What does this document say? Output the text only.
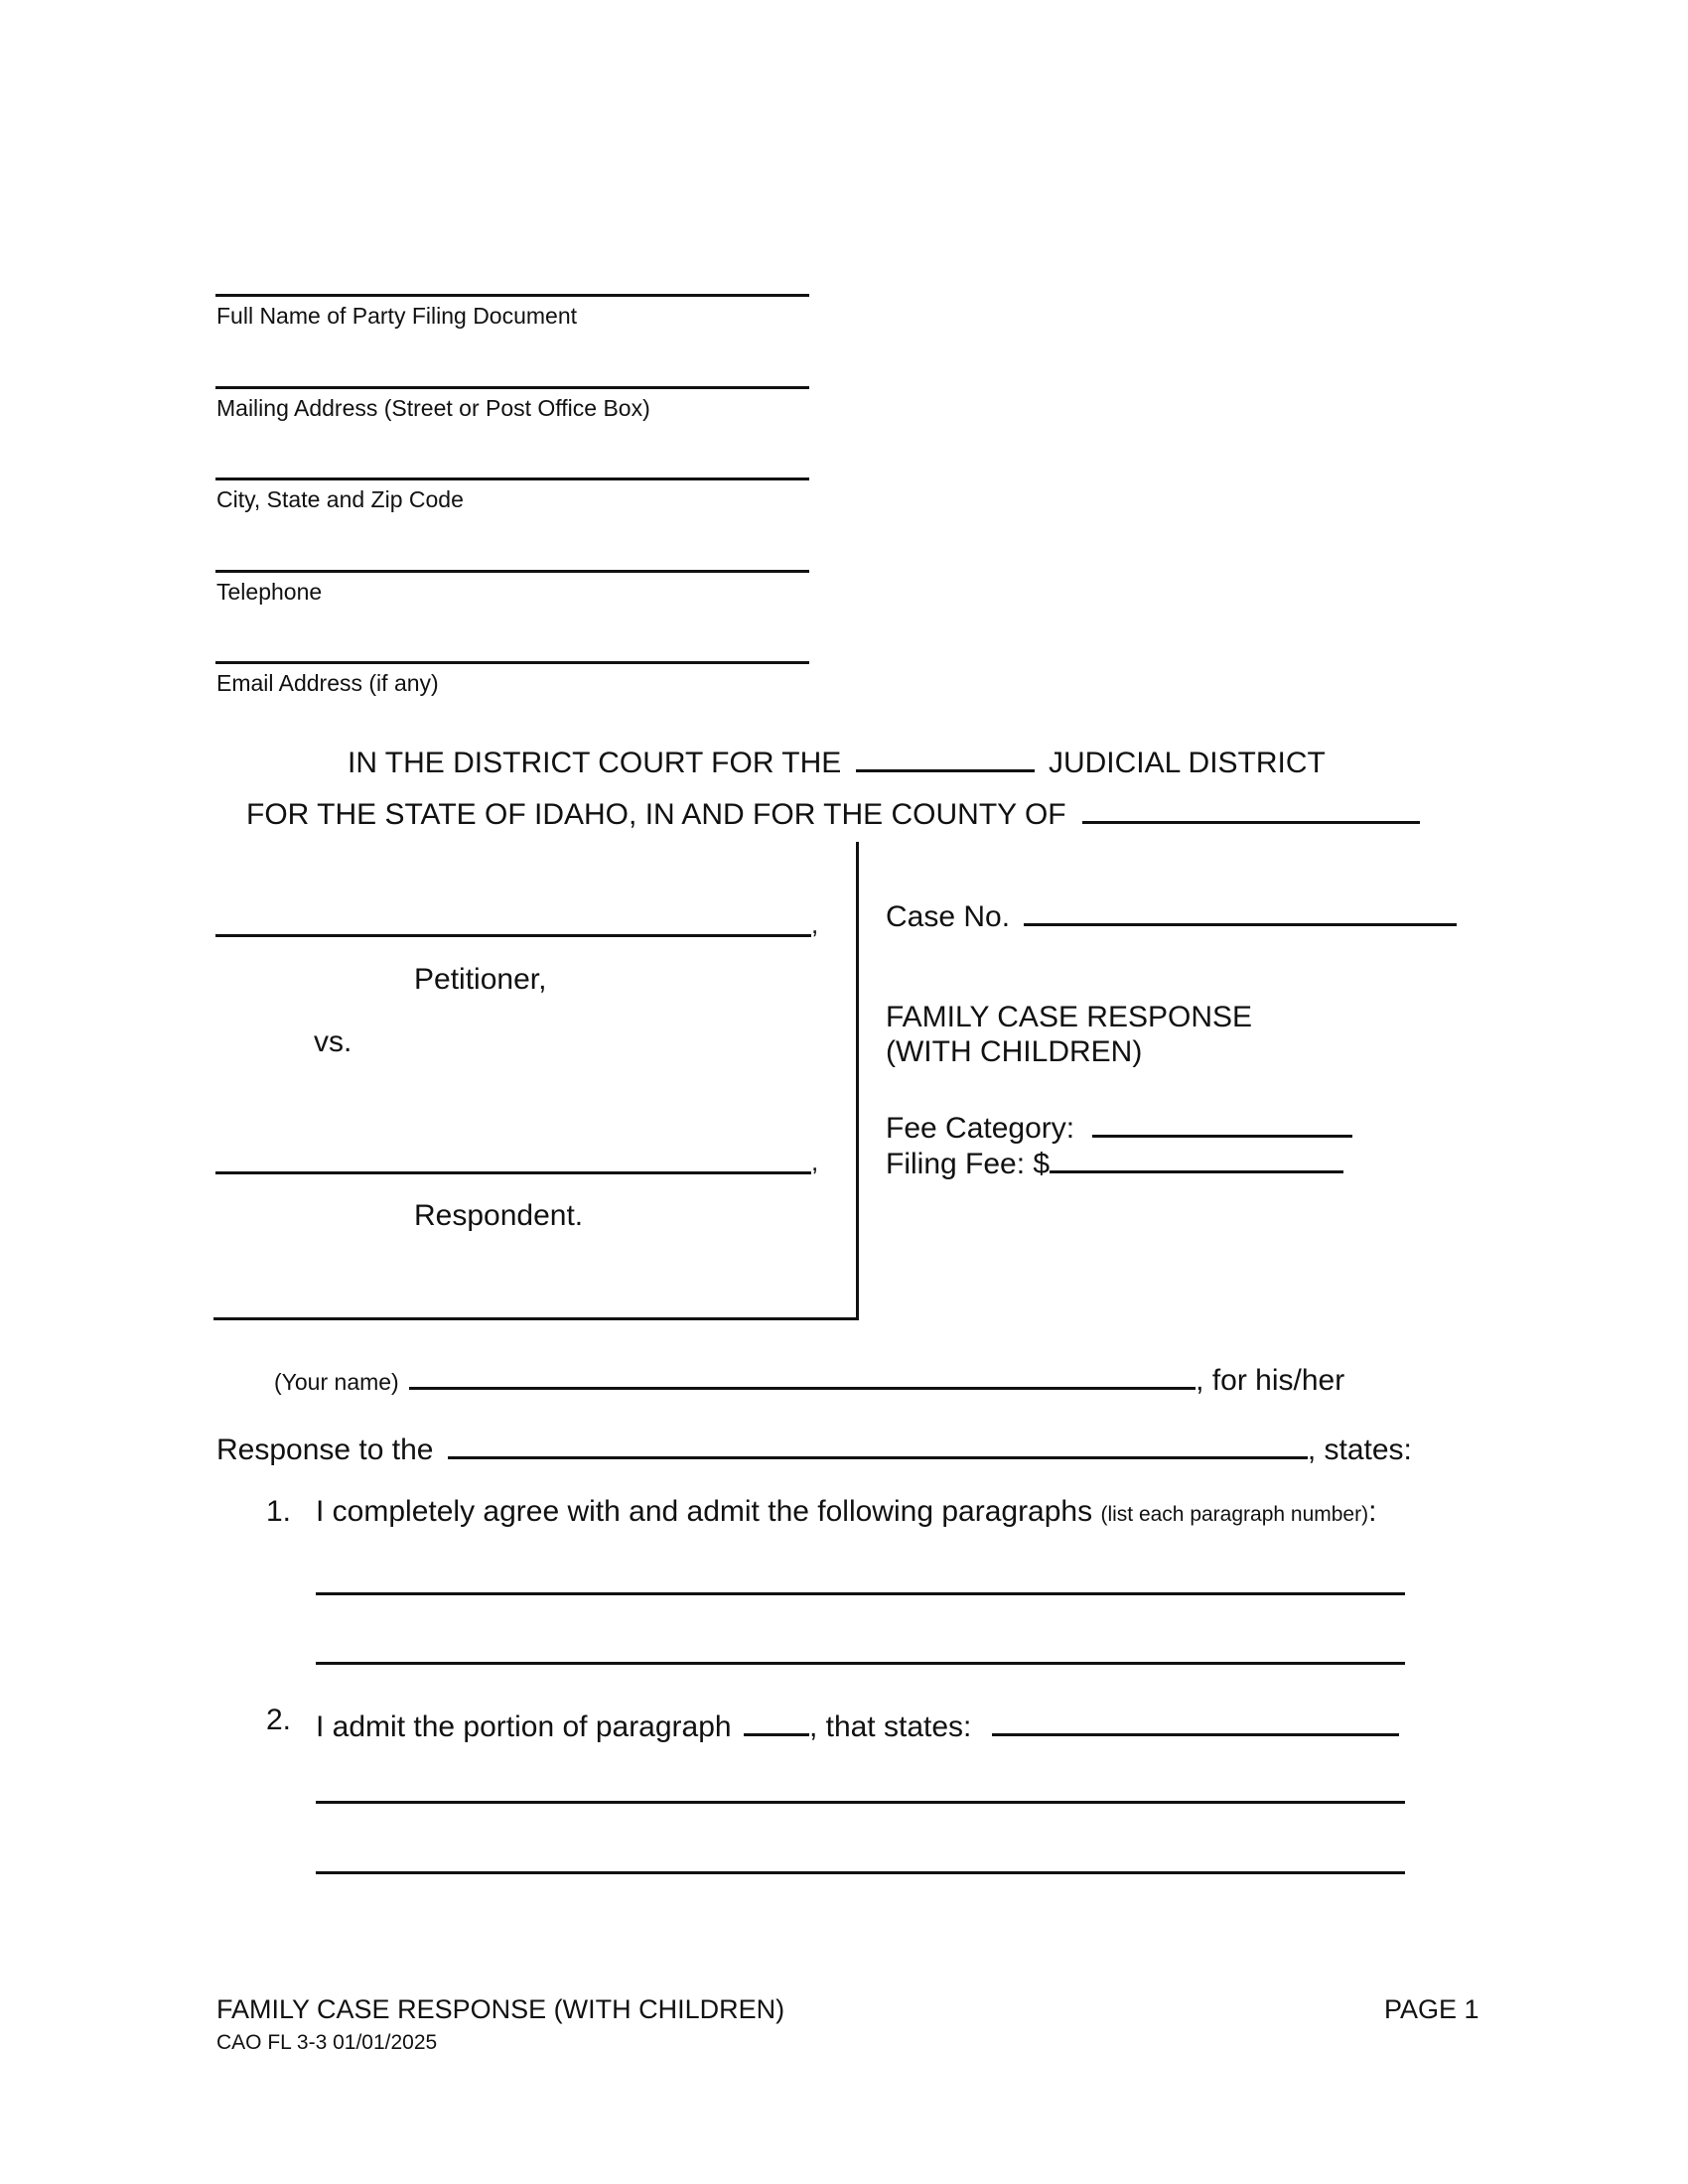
Full Name of Party Filing Document
Mailing Address (Street or Post Office Box)
City, State and Zip Code
Telephone
Email Address (if any)
IN THE DISTRICT COURT FOR THE	JUDICIAL DISTRICT
FOR THE STATE OF IDAHO, IN AND FOR THE COUNTY OF
,
Petitioner,
vs.
,
Respondent.
Case No.
FAMILY CASE RESPONSE
(WITH CHILDREN)
Fee Category:
Filing Fee: $
(Your name)	, for his/her
Response to the	, states:
1. I completely agree with and admit the following paragraphs (list each paragraph number):
2. I admit the portion of paragraph	, that states:
FAMILY CASE RESPONSE (WITH CHILDREN)
CAO FL 3-3 01/01/2025
PAGE 1
